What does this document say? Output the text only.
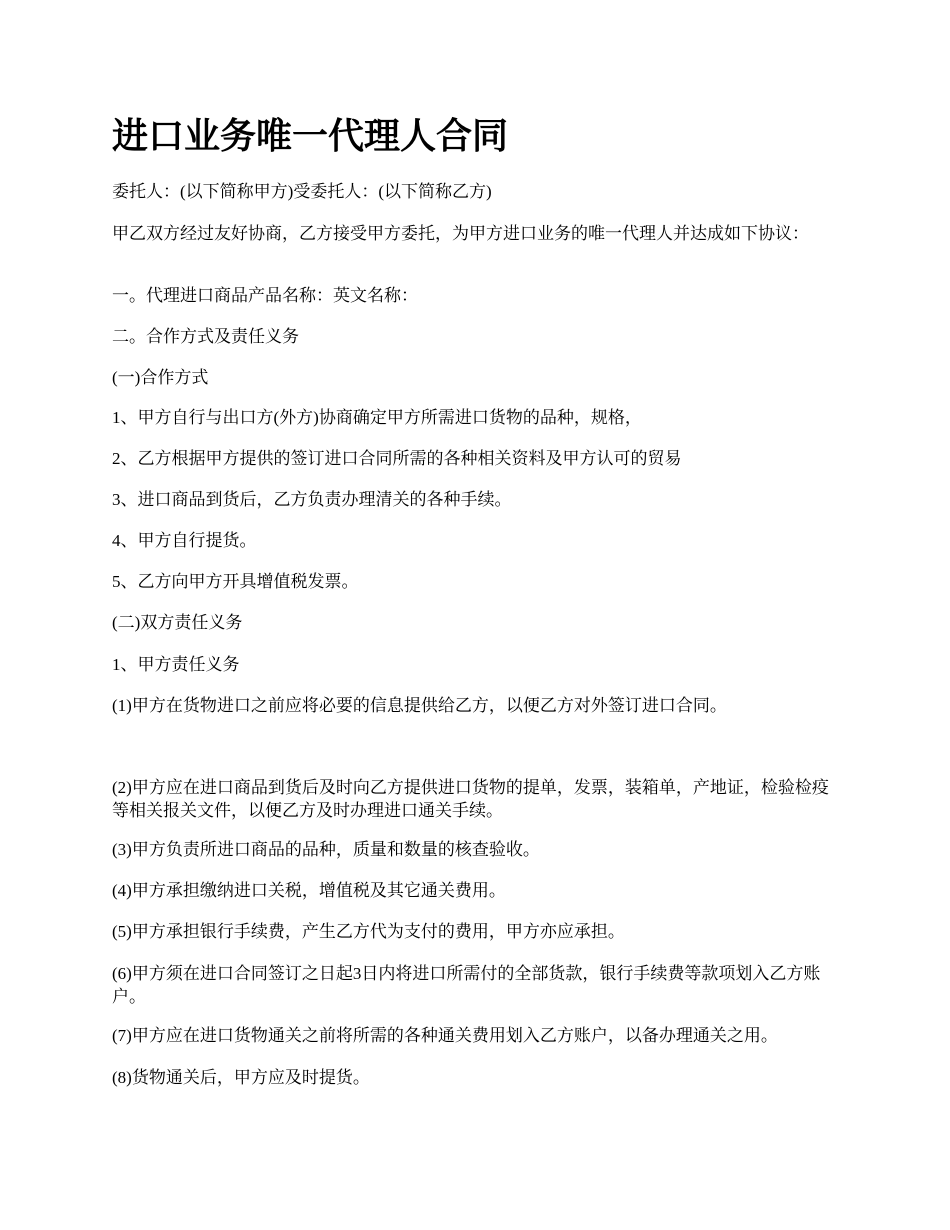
进口业务唯一代理人合同

委托人：(以下简称甲方)受委托人：(以下简称乙方)

甲乙双方经过友好协商，乙方接受甲方委托，为甲方进口业务的唯一代理人并达成如下协议：

一。代理进口商品产品名称：英文名称：

二。合作方式及责任义务

(一)合作方式

1、甲方自行与出口方(外方)协商确定甲方所需进口货物的品种，规格，

2、乙方根据甲方提供的签订进口合同所需的各种相关资料及甲方认可的贸易

3、进口商品到货后，乙方负责办理清关的各种手续。

4、甲方自行提货。

5、乙方向甲方开具增值税发票。

(二)双方责任义务

1、甲方责任义务

(1)甲方在货物进口之前应将必要的信息提供给乙方，以便乙方对外签订进口合同。

(2)甲方应在进口商品到货后及时向乙方提供进口货物的提单，发票，装箱单，产地证，检验检疫等相关报关文件，以便乙方及时办理进口通关手续。

(3)甲方负责所进口商品的品种，质量和数量的核查验收。

(4)甲方承担缴纳进口关税，增值税及其它通关费用。

(5)甲方承担银行手续费，产生乙方代为支付的费用，甲方亦应承担。

(6)甲方须在进口合同签订之日起3日内将进口所需付的全部货款，银行手续费等款项划入乙方账户。

(7)甲方应在进口货物通关之前将所需的各种通关费用划入乙方账户，以备办理通关之用。

(8)货物通关后，甲方应及时提货。
